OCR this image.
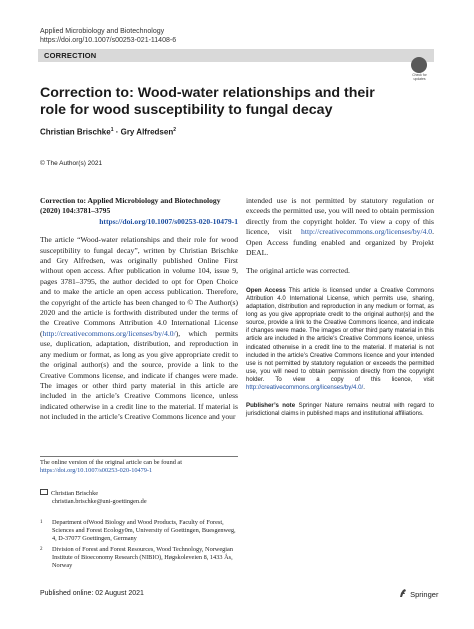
Applied Microbiology and Biotechnology
https://doi.org/10.1007/s00253-021-11408-6
CORRECTION
Check for updates
Correction to: Wood-water relationships and their role for wood susceptibility to fungal decay
Christian Brischke$^1$ · Gry Alfredsen$^2$
© The Author(s) 2021

Correction to: Applied Microbiology and Biotechnology (2020) 104:3781–3795

https://doi.org/10.1007/s00253-020-10479-1

The article “Wood-water relationships and their role for wood susceptibility to fungal decay”, written by Christian Brischke and Gry Alfredsen, was originally published Online First without open access. After publication in volume 104, issue 9, pages 3781–3795, the author decided to opt for Open Choice and to make the article an open access publication. Therefore, the copyright of the article has been changed to © The Author(s) 2020 and the article is forthwith distributed under the terms of the Creative Commons Attribution 4.0 International License (http://creativecommons.org/licenses/by/4.0/), which permits use, duplication, adaptation, distribution, and reproduction in any medium or format, as long as you give appropriate credit to the original author(s) and the source, provide a link to the Creative Commons license, and indicate if changes were made. The images or other third party material in this article are included in the article’s Creative Commons licence, unless indicated otherwise in a credit line to the material. If material is not included in the article’s Creative Commons licence and your

intended use is not permitted by statutory regulation or exceeds the permitted use, you will need to obtain permission directly from the copyright holder. To view a copy of this licence, visit http://creativecommons.org/licenses/by/4.0. Open Access funding enabled and organized by Projekt DEAL.

The original article was corrected.

Open Access This article is licensed under a Creative Commons Attribution 4.0 International License, which permits use, sharing, adaptation, distribution and reproduction in any medium or format, as long as you give appropriate credit to the original author(s) and the source, provide a link to the Creative Commons licence, and indicate if changes were made. The images or other third party material in this article are included in the article’s Creative Commons licence, unless indicated otherwise in a credit line to the material. If material is not included in the article’s Creative Commons licence and your intended use is not permitted by statutory regulation or exceeds the permitted use, you will need to obtain permission directly from the copyright holder. To view a copy of this licence, visit http://creativecommons.org/licenses/by/4.0/.

Publisher’s note Springer Nature remains neutral with regard to jurisdictional claims in published maps and institutional affiliations.

The online version of the original article can be found at https://doi.org/10.1007/s00253-020-10479-1
Christian Brischke
christian.brischke@uni-goettingen.de
1 Department ofWood Biology and Wood Products, Faculty of Forest, Sciences and Forest Ecology0m, University of Goettingen, Buesgenweg, 4, D-37077 Goettingen, Germany
2 Division of Forest and Forest Resources, Wood Technology, Norwegian Institute of Bioeconomy Research (NIBIO), Høgskoleveien 8, 1433 Ås, Norway
Published online: 02 August 2021	Springer
